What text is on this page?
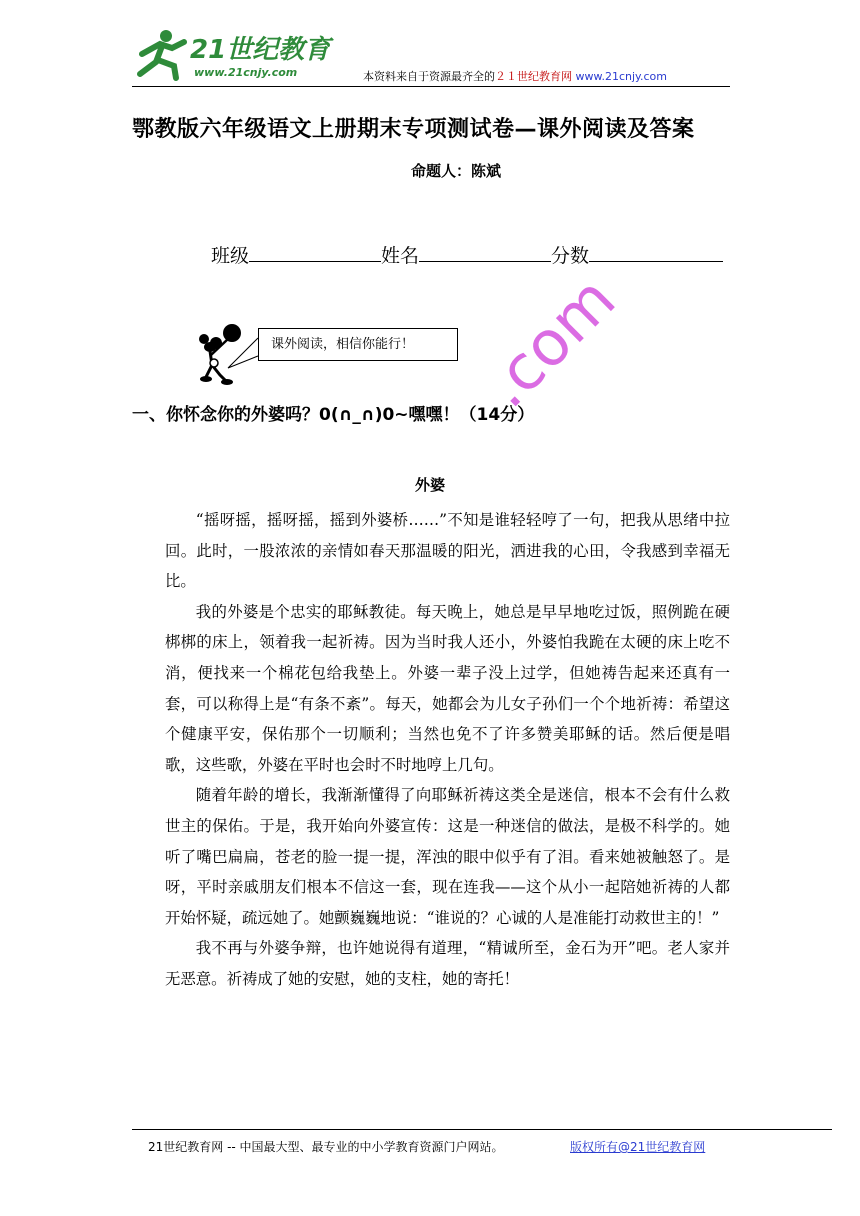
21世纪教育
www.21cnjy.com	本资料来自于资源最齐全的２１世纪教育网 www.21cnjy.com
鄂教版六年级语文上册期末专项测试卷—课外阅读及答案
命题人：陈斌
班级	姓名	分数
课外阅读，相信你能行！
一、你怀念你的外婆吗？0(∩_∩)0~嘿嘿！（14分）
.com
外婆

“摇呀摇，摇呀摇，摇到外婆桥……”不知是谁轻轻哼了一句，把我从思绪中拉回。此时，一股浓浓的亲情如春天那温暖的阳光，洒进我的心田，令我感到幸福无比。

我的外婆是个忠实的耶稣教徒。每天晚上，她总是早早地吃过饭，照例跪在硬梆梆的床上，领着我一起祈祷。因为当时我人还小，外婆怕我跪在太硬的床上吃不消，便找来一个棉花包给我垫上。外婆一辈子没上过学，但她祷告起来还真有一套，可以称得上是“有条不紊”。每天，她都会为儿女子孙们一个个地祈祷：希望这个健康平安，保佑那个一切顺利；当然也免不了许多赞美耶稣的话。然后便是唱歌，这些歌，外婆在平时也会时不时地哼上几句。

随着年龄的增长，我渐渐懂得了向耶稣祈祷这类全是迷信，根本不会有什么救世主的保佑。于是，我开始向外婆宣传：这是一种迷信的做法，是极不科学的。她听了嘴巴扁扁，苍老的脸一提一提，浑浊的眼中似乎有了泪。看来她被触怒了。是呀，平时亲戚朋友们根本不信这一套，现在连我——这个从小一起陪她祈祷的人都开始怀疑，疏远她了。她颤巍巍地说：“谁说的？心诚的人是准能打动救世主的！”

我不再与外婆争辩，也许她说得有道理，“精诚所至，金石为开”吧。老人家并无恶意。祈祷成了她的安慰，她的支柱，她的寄托！

21世纪教育网 -- 中国最大型、最专业的中小学教育资源门户网站。	版权所有@21世纪教育网
